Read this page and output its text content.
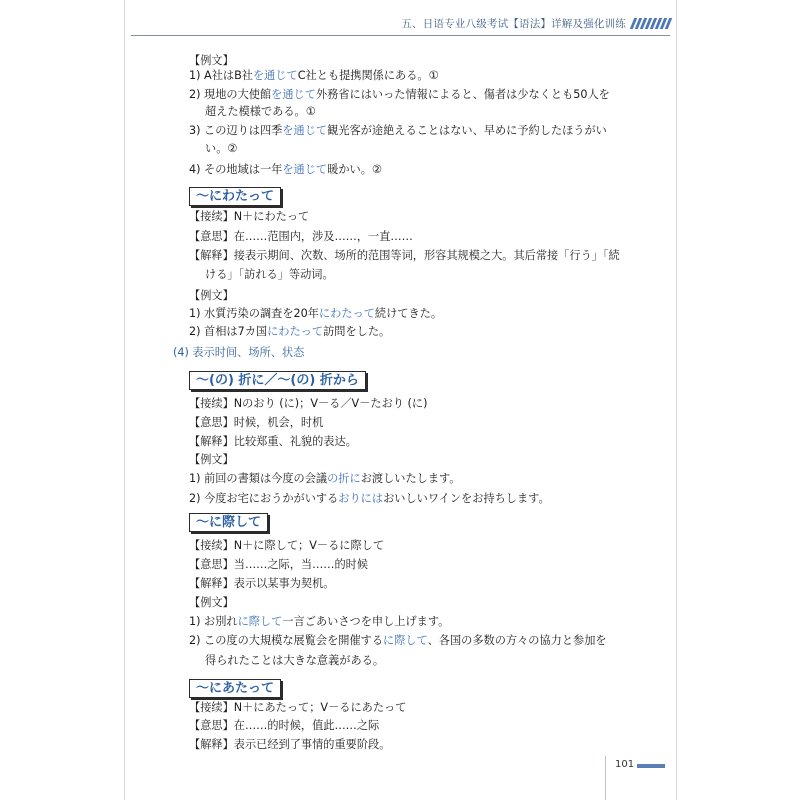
五、日语专业八级考试【语法】详解及强化训练
【例文】
1) A社はB社を通じてC社とも提携関係にある。①
2) 現地の大使館を通じて外務省にはいった情報によると、傷者は少なくとも50人を
超えた模様である。①
3) この辺りは四季を通じて観光客が途絶えることはない、早めに予約したほうがい
い。②
4) その地域は一年を通じて暖かい。②
～にわたって
【接续】N＋にわたって
【意思】在……范围内，涉及……，一直……
【解释】接表示期间、次数、场所的范围等词，形容其规模之大。其后常接「行う」「続
ける」「訪れる」等动词。
【例文】
1) 水質汚染の調査を20年にわたって続けてきた。
2) 首相は7カ国にわたって訪問をした。
(4) 表示时间、场所、状态
～(の) 折に／～(の) 折から
【接续】Nのおり (に)；V－る／V－たおり (に)
【意思】时候，机会，时机
【解释】比较郑重、礼貌的表达。
【例文】
1) 前回の書類は今度の会議の折にお渡しいたします。
2) 今度お宅におうかがいするおりにはおいしいワインをお持ちします。
～に際して
【接续】N＋に際して；V－るに際して
【意思】当……之际，当……的时候
【解释】表示以某事为契机。
【例文】
1) お別れに際して一言ごあいさつを申し上げます。
2) この度の大規模な展覧会を開催するに際して、各国の多数の方々の協力と参加を
得られたことは大きな意義がある。
～にあたって
【接续】N＋にあたって；V－るにあたって
【意思】在……的时候，值此……之际
【解释】表示已经到了事情的重要阶段。
101
